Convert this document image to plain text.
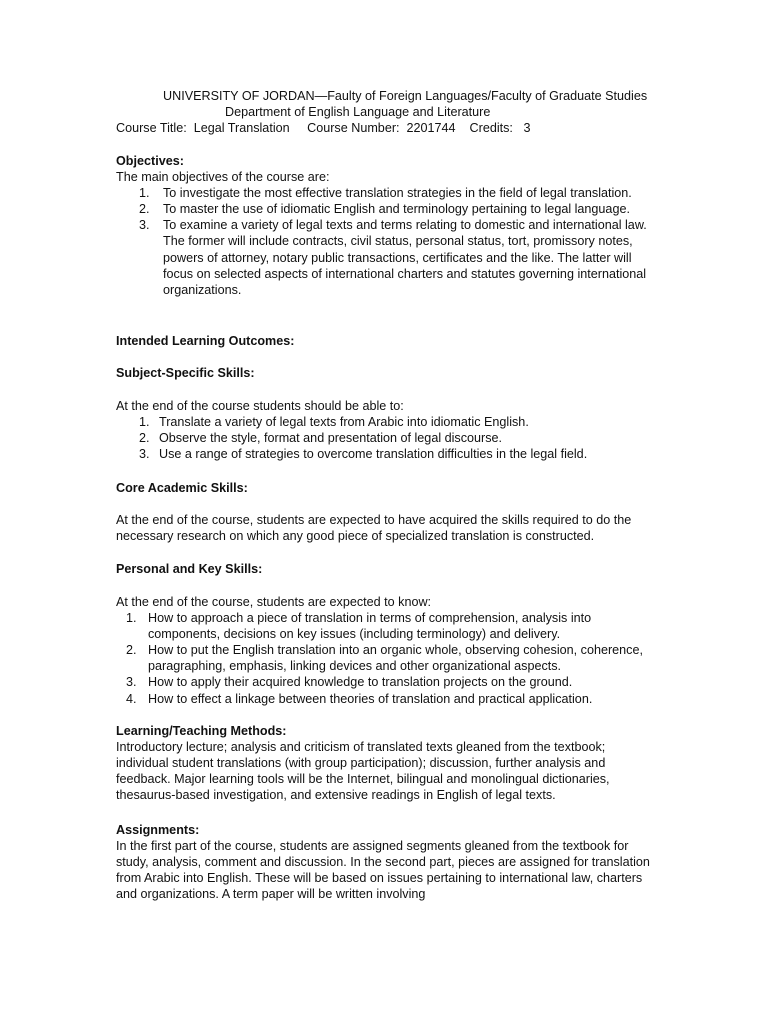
UNIVERSITY OF JORDAN—Faulty of Foreign Languages/Faculty of Graduate Studies
Department of English Language and Literature
Course Title: Legal Translation Course Number: 2201744 Credits: 3

Objectives:

The main objectives of the course are:

1. To investigate the most effective translation strategies in the field of legal translation.
2. To master the use of idiomatic English and terminology pertaining to legal language.
3. To examine a variety of legal texts and terms relating to domestic and international law. The former will include contracts, civil status, personal status, tort, promissory notes, powers of attorney, notary public transactions, certificates and the like. The latter will focus on selected aspects of international charters and statutes governing international organizations.

Intended Learning Outcomes:

Subject-Specific Skills:

At the end of the course students should be able to:

1. Translate a variety of legal texts from Arabic into idiomatic English.
2. Observe the style, format and presentation of legal discourse.
3. Use a range of strategies to overcome translation difficulties in the legal field.

Core Academic Skills:

At the end of the course, students are expected to have acquired the skills required to do the necessary research on which any good piece of specialized translation is constructed.

Personal and Key Skills:

At the end of the course, students are expected to know:

1. How to approach a piece of translation in terms of comprehension, analysis into components, decisions on key issues (including terminology) and delivery.
2. How to put the English translation into an organic whole, observing cohesion, coherence, paragraphing, emphasis, linking devices and other organizational aspects.
3. How to apply their acquired knowledge to translation projects on the ground.
4. How to effect a linkage between theories of translation and practical application.

Learning/Teaching Methods:

Introductory lecture; analysis and criticism of translated texts gleaned from the textbook; individual student translations (with group participation); discussion, further analysis and feedback. Major learning tools will be the Internet, bilingual and monolingual dictionaries, thesaurus-based investigation, and extensive readings in English of legal texts.

Assignments:

In the first part of the course, students are assigned segments gleaned from the textbook for study, analysis, comment and discussion. In the second part, pieces are assigned for translation from Arabic into English. These will be based on issues pertaining to international law, charters and organizations. A term paper will be written involving
